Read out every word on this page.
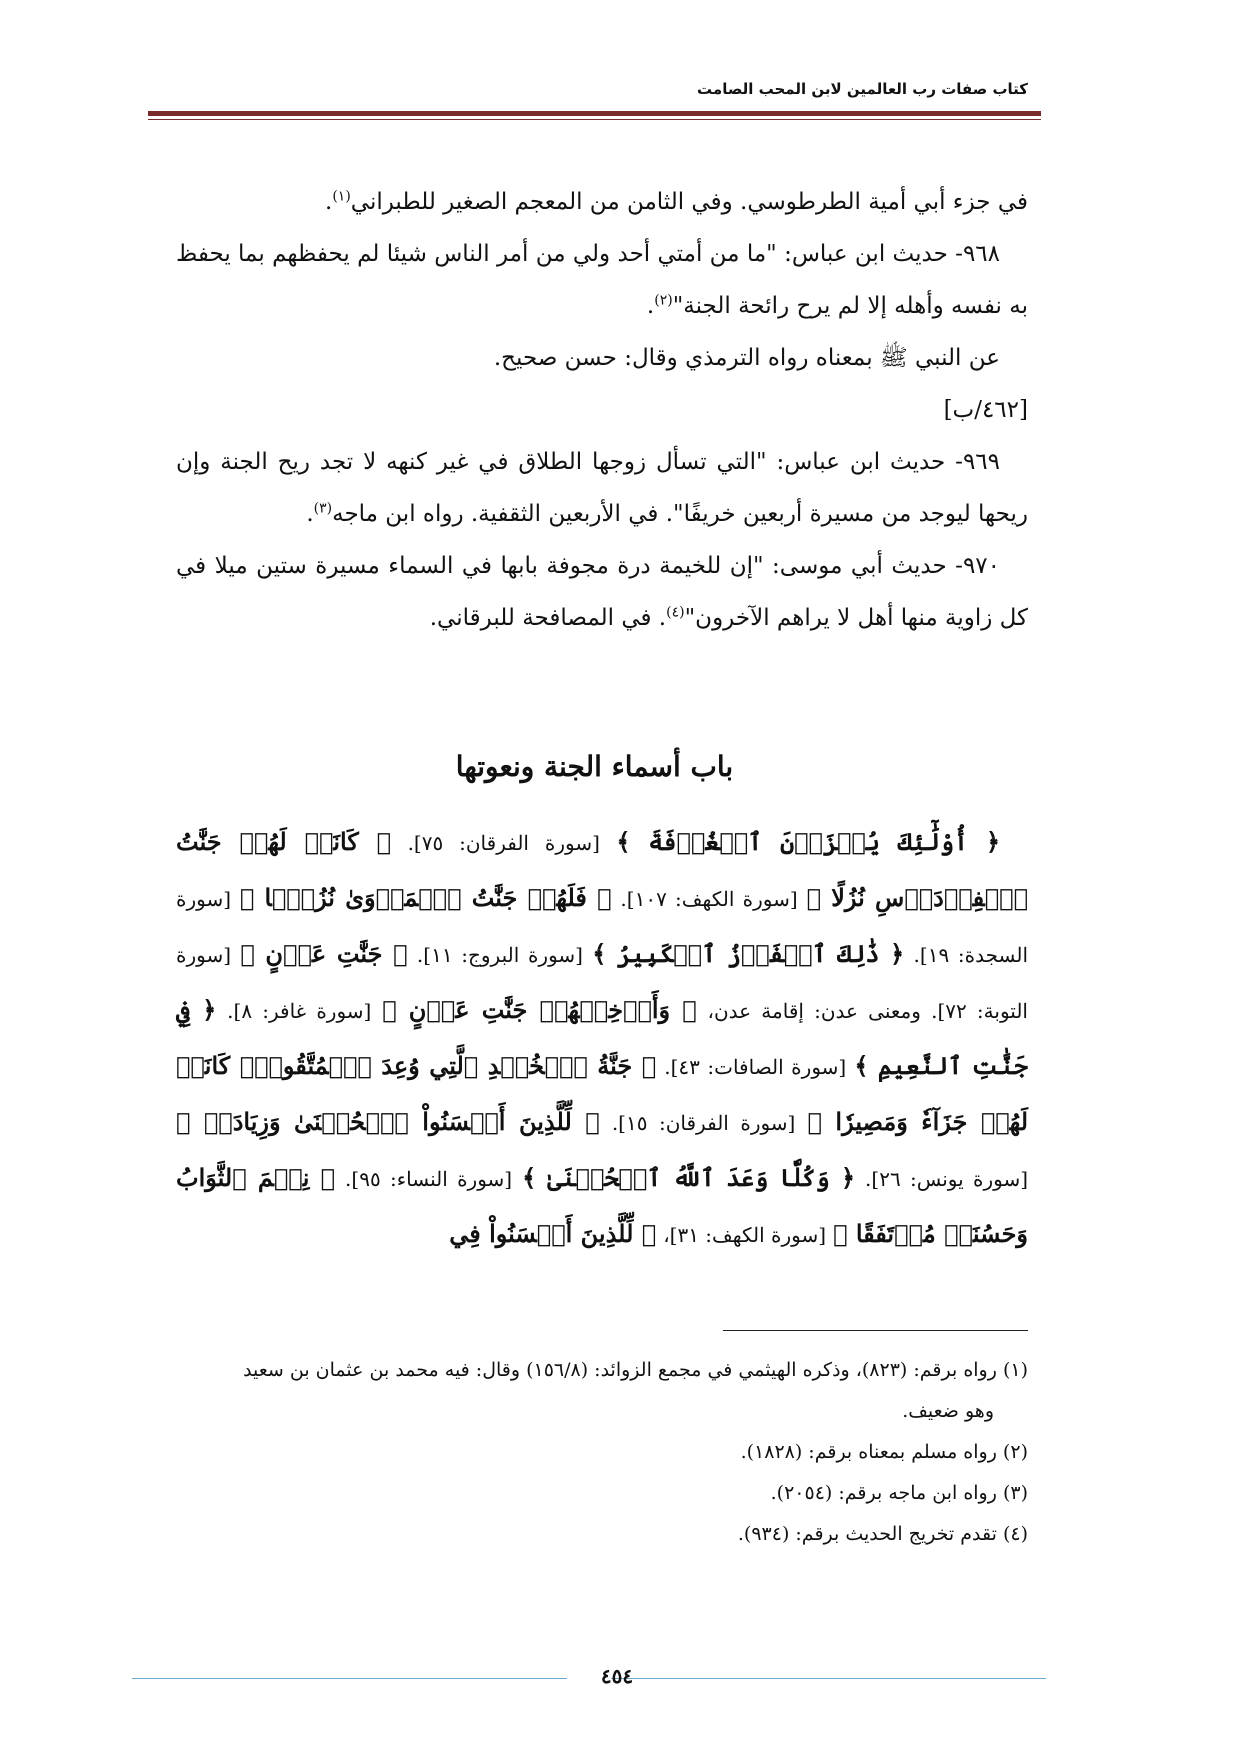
كتاب صفات رب العالمين لابن المحب الصامت

في جزء أبي أمية الطرطوسي. وفي الثامن من المعجم الصغير للطبراني$^{(١)}$.

٩٦٨- حديث ابن عباس: "ما من أمتي أحد ولي من أمر الناس شيئا لم يحفظهم بما يحفظ به نفسه وأهله إلا لم يرح رائحة الجنة"$^{(٢)}$.

عن النبي ﷺ بمعناه رواه الترمذي وقال: حسن صحيح.

[٤٦٢/ب]

٩٦٩- حديث ابن عباس: "التي تسأل زوجها الطلاق في غير كنهه لا تجد ريح الجنة وإن ريحها ليوجد من مسيرة أربعين خريفًا". في الأربعين الثقفية. رواه ابن ماجه$^{(٣)}$.

٩٧٠- حديث أبي موسى: "إن للخيمة درة مجوفة بابها في السماء مسيرة ستين ميلا في كل زاوية منها أهل لا يراهم الآخرون"$^{(٤)}$. في المصافحة للبرقاني.

باب أسماء الجنة ونعوتها

﴿ أُوْلَٰٓئِكَ يُجۡزَوۡنَ ٱلۡغُرۡفَةَ ﴾ [سورة الفرقان: ٧٥]. ﴿ كَانَتۡ لَهُمۡ جَنَّٰتُ ٱلۡفِرۡدَوۡسِ نُزُلًا ﴾ [سورة الكهف: ١٠٧]. ﴿ فَلَهُمۡ جَنَّٰتُ ٱلۡمَأۡوَىٰ نُزُلَۢا ﴾ [سورة السجدة: ١٩]. ﴿ ذَٰلِكَ ٱلۡفَوۡزُ ٱلۡكَبِيرُ ﴾ [سورة البروج: ١١]. ﴿ جَنَّٰتِ عَدۡنٍ ﴾ [سورة التوبة: ٧٢]. ومعنى عدن: إقامة عدن، ﴿ وَأَدۡخِلۡهُمۡ جَنَّٰتِ عَدۡنٍ ﴾ [سورة غافر: ٨]. ﴿ فِي جَنَّٰتِ ٱلنَّعِيمِ ﴾ [سورة الصافات: ٤٣]. ﴿ جَنَّةُ ٱلۡخُلۡدِ ٱلَّتِي وُعِدَ ٱلۡمُتَّقُونَۚ كَانَتۡ لَهُمۡ جَزَآءٗ وَمَصِيرٗا ﴾ [سورة الفرقان: ١٥]. ﴿ لِّلَّذِينَ أَحۡسَنُواْ ٱلۡحُسۡنَىٰ وَزِيَادَةٞ ﴾ [سورة يونس: ٢٦]. ﴿ وَكُلّٗا وَعَدَ ٱللَّهُ ٱلۡحُسۡنَىٰ ﴾ [سورة النساء: ٩٥]. ﴿ نِعۡمَ ٱلثَّوَابُ وَحَسُنَتۡ مُرۡتَفَقًا ﴾ [سورة الكهف: ٣١]، ﴿ لِّلَّذِينَ أَحۡسَنُواْ فِي

(١) رواه برقم: (٨٢٣)، وذكره الهيثمي في مجمع الزوائد: (١٥٦/٨) وقال: فيه محمد بن عثمان بن سعيد

وهو ضعيف.

(٢) رواه مسلم بمعناه برقم: (١٨٢٨).

(٣) رواه ابن ماجه برقم: (٢٠٥٤).

(٤) تقدم تخريج الحديث برقم: (٩٣٤).

٤٥٤
